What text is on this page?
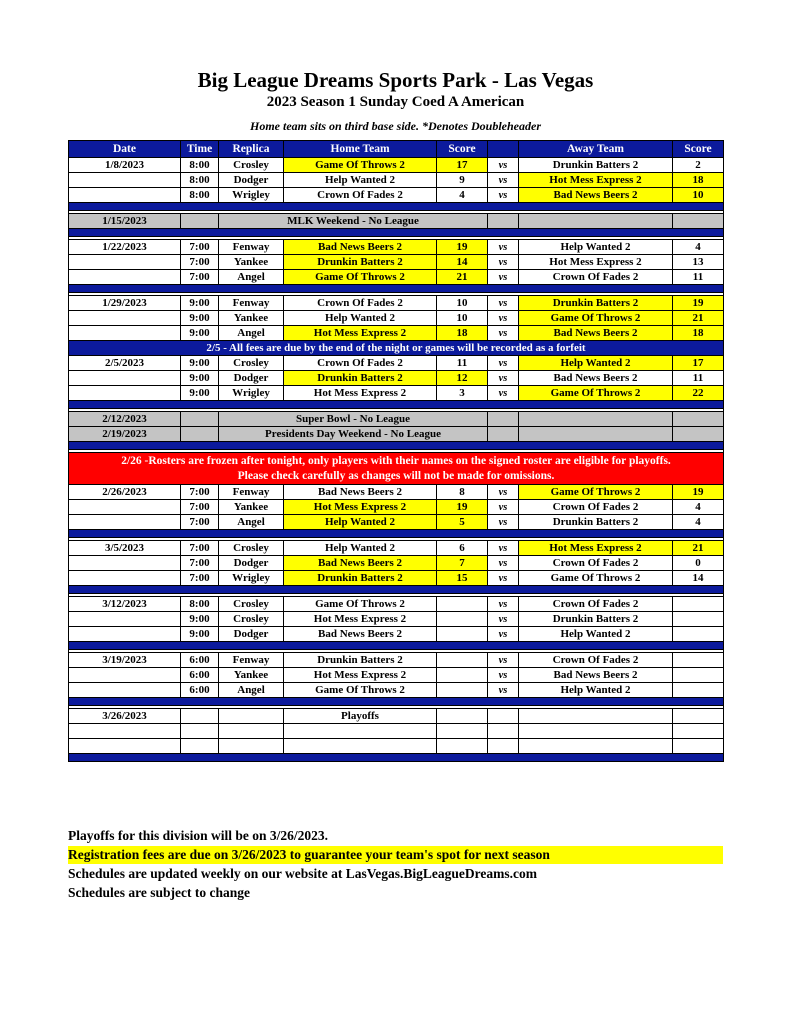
Big League Dreams Sports Park - Las Vegas
2023 Season 1 Sunday Coed A American
Home team sits on third base side. *Denotes Doubleheader
Date	Time	Replica	Home Team	Score		Away Team	Score
1/8/2023	8:00	Crosley	Game Of Throws 2	17	vs	Drunkin Batters 2	2
	8:00	Dodger	Help Wanted 2	9	vs	Hot Mess Express 2	18
	8:00	Wrigley	Crown Of Fades 2	4	vs	Bad News Beers 2	10

1/15/2023		MLK Weekend - No League					

1/22/2023	7:00	Fenway	Bad News Beers 2	19	vs	Help Wanted 2	4
	7:00	Yankee	Drunkin Batters 2	14	vs	Hot Mess Express 2	13
	7:00	Angel	Game Of Throws 2	21	vs	Crown Of Fades 2	11

1/29/2023	9:00	Fenway	Crown Of Fades 2	10	vs	Drunkin Batters 2	19
	9:00	Yankee	Help Wanted 2	10	vs	Game Of Throws 2	21
	9:00	Angel	Hot Mess Express 2	18	vs	Bad News Beers 2	18
2/5 - All fees are due by the end of the night or games will be recorded as a forfeit							
2/5/2023	9:00	Crosley	Crown Of Fades 2	11	vs	Help Wanted 2	17
	9:00	Dodger	Drunkin Batters 2	12	vs	Bad News Beers 2	11
	9:00	Wrigley	Hot Mess Express 2	3	vs	Game Of Throws 2	22

2/12/2023		Super Bowl - No League					
2/19/2023		Presidents Day Weekend - No League					

2/26 -Rosters are frozen after tonight, only players with their names on the signed roster are eligible for playoffs.
Please check carefully as changes will not be made for omissions.							

2/26/2023	7:00	Fenway	Bad News Beers 2	8	vs	Game Of Throws 2	19
	7:00	Yankee	Hot Mess Express 2	19	vs	Crown Of Fades 2	4
	7:00	Angel	Help Wanted 2	5	vs	Drunkin Batters 2	4

3/5/2023	7:00	Crosley	Help Wanted 2	6	vs	Hot Mess Express 2	21
	7:00	Dodger	Bad News Beers 2	7	vs	Crown Of Fades 2	0
	7:00	Wrigley	Drunkin Batters 2	15	vs	Game Of Throws 2	14

3/12/2023	8:00	Crosley	Game Of Throws 2		vs	Crown Of Fades 2	
	9:00	Crosley	Hot Mess Express 2		vs	Drunkin Batters 2	
	9:00	Dodger	Bad News Beers 2		vs	Help Wanted 2	

3/19/2023	6:00	Fenway	Drunkin Batters 2		vs	Crown Of Fades 2	
	6:00	Yankee	Hot Mess Express 2		vs	Bad News Beers 2	
	6:00	Angel	Game Of Throws 2		vs	Help Wanted 2	

3/26/2023			Playoffs				

Playoffs for this division will be on 3/26/2023.
Registration fees are due on 3/26/2023 to guarantee your team's spot for next season
Schedules are updated weekly on our website at LasVegas.BigLeagueDreams.com
Schedules are subject to change
